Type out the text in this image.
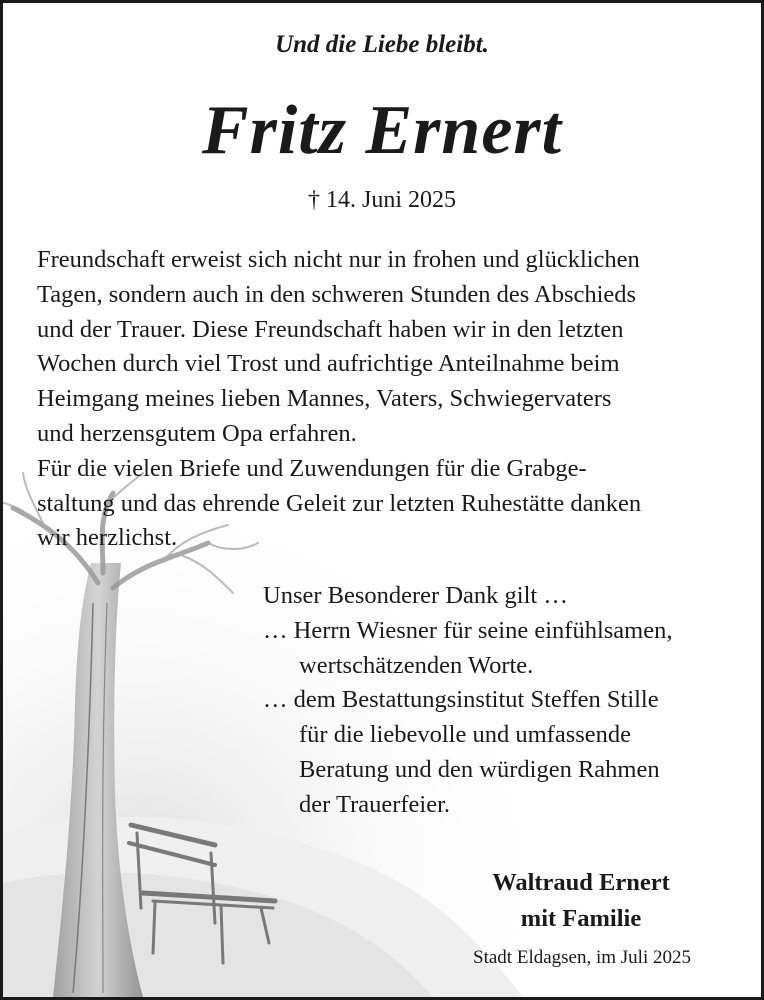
Und die Liebe bleibt.
Fritz Ernert
† 14. Juni 2025
Freundschaft erweist sich nicht nur in frohen und glücklichen
Tagen, sondern auch in den schweren Stunden des Abschieds
und der Trauer. Diese Freundschaft haben wir in den letzten
Wochen durch viel Trost und aufrichtige Anteilnahme beim
Heimgang meines lieben Mannes, Vaters, Schwiegervaters
und herzensgutem Opa erfahren.
Für die vielen Briefe und Zuwendungen für die Grabge-
staltung und das ehrende Geleit zur letzten Ruhestätte danken
wir herzlichst.
Unser Besonderer Dank gilt …
… Herrn Wiesner für seine einfühlsamen,
wertschätzenden Worte.
… dem Bestattungsinstitut Steffen Stille
für die liebevolle und umfassende
Beratung und den würdigen Rahmen
der Trauerfeier.
Waltraud Ernert
mit Familie
Stadt Eldagsen, im Juli 2025
